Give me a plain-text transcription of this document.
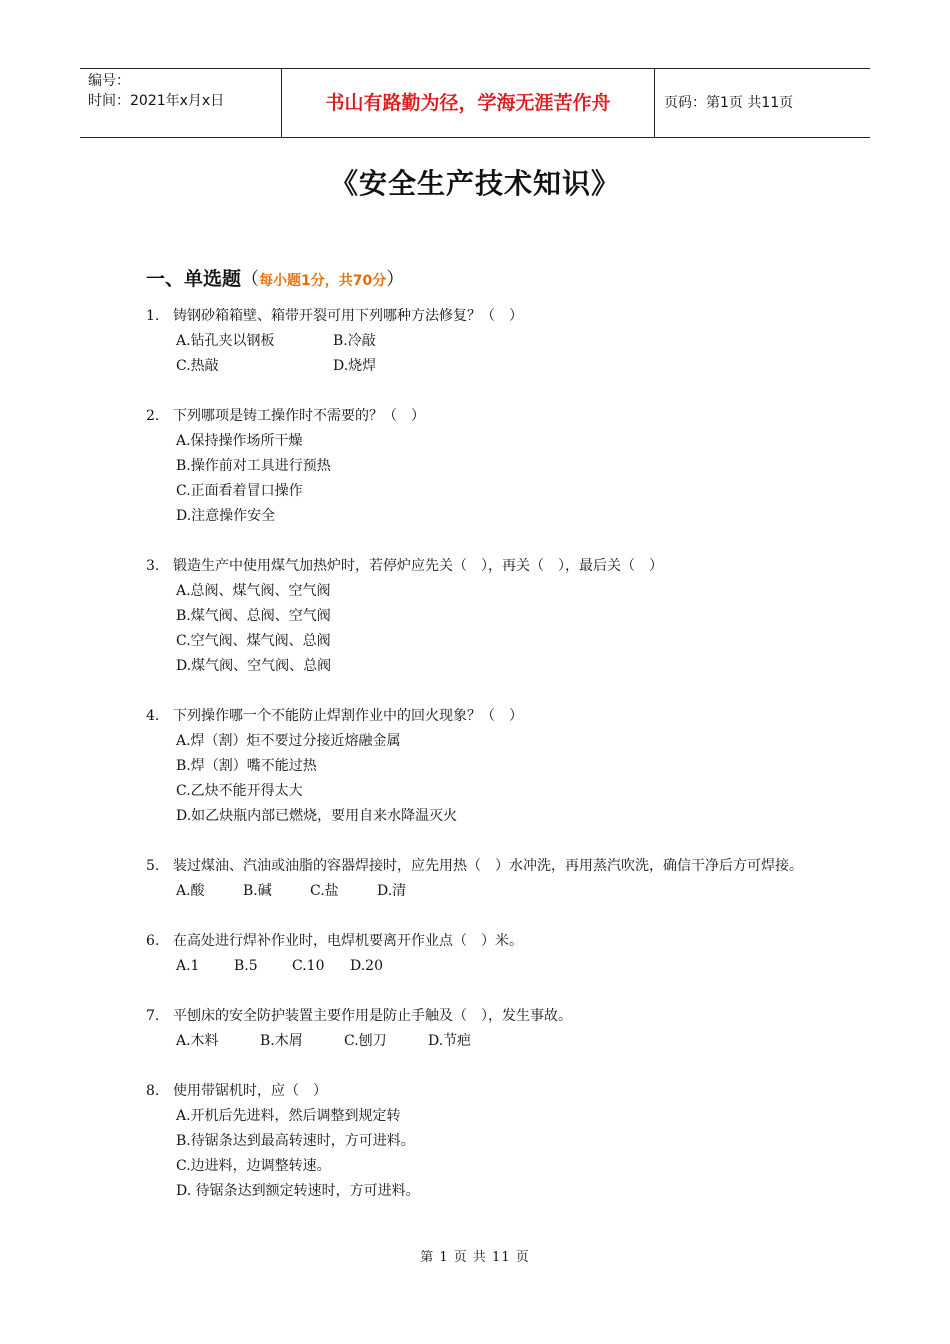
编号：
时间：2021年x月x日	书山有路勤为径，学海无涯苦作舟	页码：第1页 共11页
《安全生产技术知识》
一、单选题（每小题1分，共70分）
1. 铸钢砂箱箱壁、箱带开裂可用下列哪种方法修复？（　）
A.钻孔夹以钢板	B.冷敲
C.热敲	D.烧焊
2. 下列哪项是铸工操作时不需要的？（　）
A.保持操作场所干燥
B.操作前对工具进行预热
C.正面看着冒口操作
D.注意操作安全
3. 锻造生产中使用煤气加热炉时，若停炉应先关（　），再关（　），最后关（　）
A.总阀、煤气阀、空气阀
B.煤气阀、总阀、空气阀
C.空气阀、煤气阀、总阀
D.煤气阀、空气阀、总阀
4. 下列操作哪一个不能防止焊割作业中的回火现象？（　）
A.焊（割）炬不要过分接近熔融金属
B.焊（割）嘴不能过热
C.乙炔不能开得太大
D.如乙炔瓶内部已燃烧，要用自来水降温灭火
5. 装过煤油、汽油或油脂的容器焊接时，应先用热（　）水冲洗，再用蒸汽吹洗，确信干净后方可焊接。
A.酸	B.碱	C.盐	D.清
6. 在高处进行焊补作业时，电焊机要离开作业点（　）米。
A.1 B.5 C.10 D.20
7. 平刨床的安全防护装置主要作用是防止手触及（　），发生事故。
A.木料	B.木屑	C.刨刀	D.节疤
8. 使用带锯机时，应（　）
A.开机后先进料，然后调整到规定转
B.待锯条达到最高转速时，方可进料。
C.边进料，边调整转速。
D. 待锯条达到额定转速时，方可进料。
第 1 页 共 11 页
